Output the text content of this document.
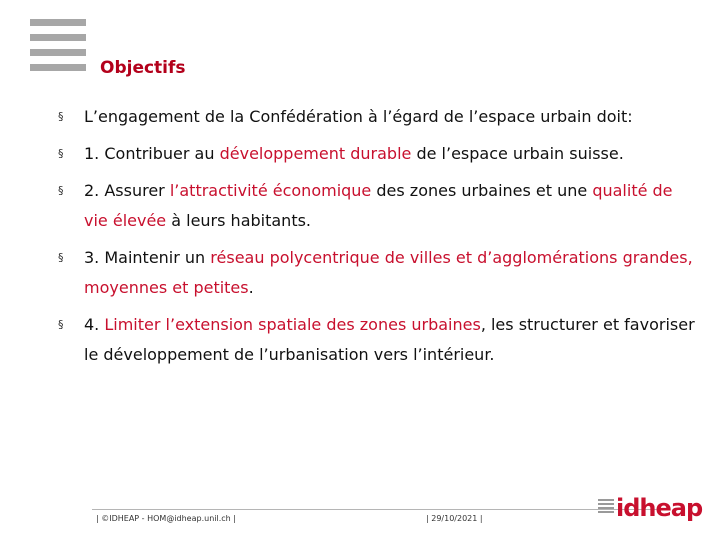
Objectifs
§ L’engagement de la Confédération à l’égard de l’espace urbain doit:
§ 1. Contribuer au développement durable de l’espace urbain suisse.
§ 2. Assurer l’attractivité économique des zones urbaines et une qualité de vie élevée à leurs habitants.
§ 3. Maintenir un réseau polycentrique de villes et d’agglomérations grandes, moyennes et petites.
§ 4. Limiter l’extension spatiale des zones urbaines, les structurer et favoriser le développement de l’urbanisation vers l’intérieur.
| ©IDHEAP - HOM@idheap.unil.ch |	| 29/10/2021 |	idheap
